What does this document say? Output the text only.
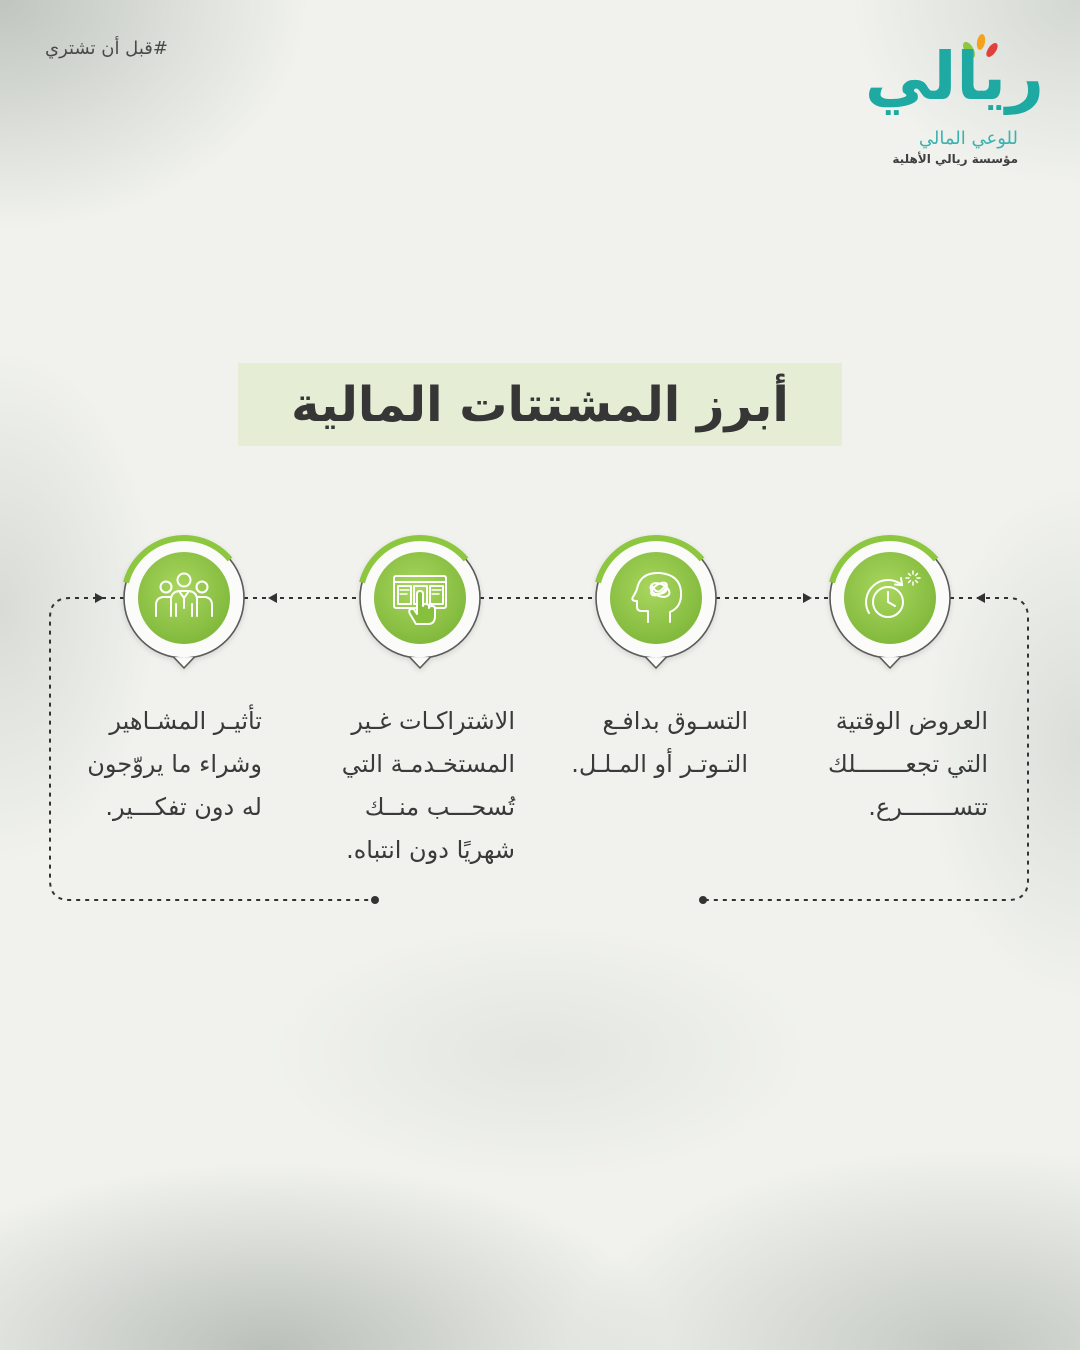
#قبل أن تشتري	ريالي
للوعي المالي
مؤسسة ريالي الأهلية
أبرز المشتتات المالية
العروض الوقتية
التي تجعـــــــلك
تتســـــــرع.
التسـوق بدافـع
التـوتـر أو المـلـل.
الاشتراكـات غـير
المستخـدمـة التي
تُسحـــب منــك
شهريًا دون انتباه.
تأثيـر المشـاهير
وشراء ما يروّجون
له دون تفكـــير.
